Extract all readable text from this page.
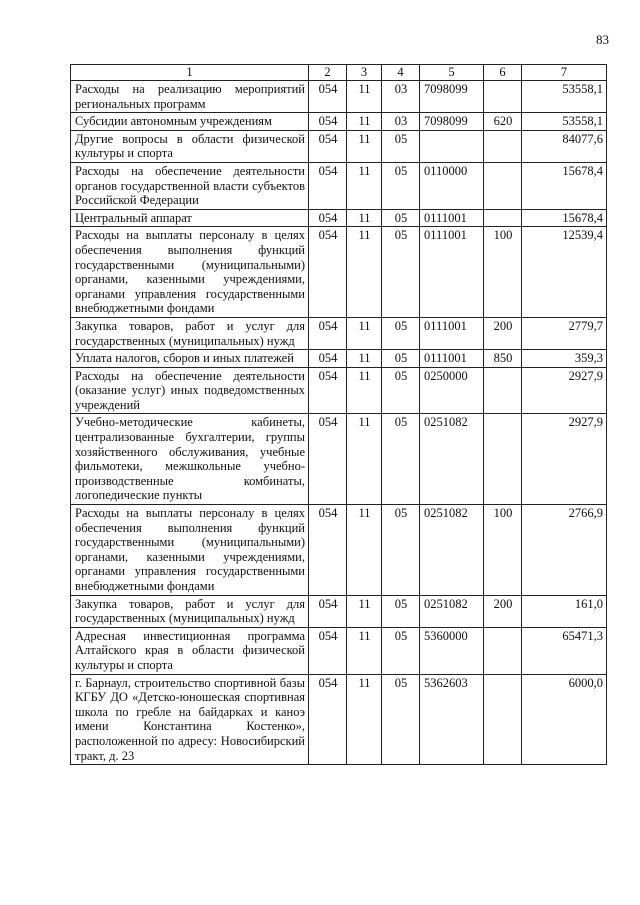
83
1	2	3	4	5	6	7
Расходы на реализацию мероприятий региональных программ	054	11	03	7098099		53558,1
Субсидии автономным учреждениям	054	11	03	7098099	620	53558,1
Другие вопросы в области физической культуры и спорта	054	11	05			84077,6
Расходы на обеспечение деятельности органов государственной власти субъектов Российской Федерации	054	11	05	0110000		15678,4
Центральный аппарат	054	11	05	0111001		15678,4
Расходы на выплаты персоналу в целях обеспечения выполнения функций государственными (муниципальными) органами, казенными учреждениями, органами управления государственными внебюджетными фондами	054	11	05	0111001	100	12539,4
Закупка товаров, работ и услуг для государственных (муниципальных) нужд	054	11	05	0111001	200	2779,7
Уплата налогов, сборов и иных платежей	054	11	05	0111001	850	359,3
Расходы на обеспечение деятельности (оказание услуг) иных подведомственных учреждений	054	11	05	0250000		2927,9
Учебно-методические кабинеты, централизованные бухгалтерии, группы хозяйственного обслуживания, учебные фильмотеки, межшкольные учебно-производственные комбинаты, логопедические пункты	054	11	05	0251082		2927,9
Расходы на выплаты персоналу в целях обеспечения выполнения функций государственными (муниципальными) органами, казенными учреждениями, органами управления государственными внебюджетными фондами	054	11	05	0251082	100	2766,9
Закупка товаров, работ и услуг для государственных (муниципальных) нужд	054	11	05	0251082	200	161,0
Адресная инвестиционная программа Алтайского края в области физической культуры и спорта	054	11	05	5360000		65471,3
г. Барнаул, строительство спортивной базы КГБУ ДО «Детско-юношеская спортивная школа по гребле на байдарках и каноэ имени Константина Костенко», расположенной по адресу: Новосибирский тракт, д. 23	054	11	05	5362603		6000,0
